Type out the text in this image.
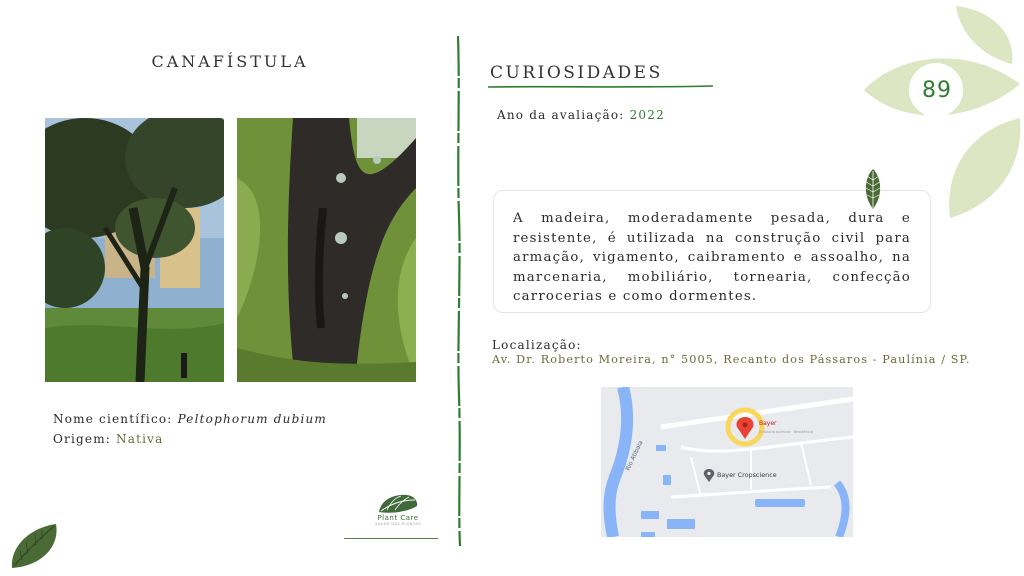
89
CANAFÍSTULA
Nome científico: Peltophorum dubium
Origem: Nativa
Plant Care
SAÚDE DAS PLANTAS
CURIOSIDADES
Ano da avaliação: 2022

A madeira, moderadamente pesada, dura e resistente, é utilizada na construção civil para armação, vigamento, caibramento e assoalho, na marcenaria, mobiliário, tornearia, confecção carrocerias e como dormentes.

Localização:
Av. Dr. Roberto Moreira, n° 5005, Recanto dos Pássaros - Paulínia / SP.
Rio Atibaia
Bayer
Indústria química · Residência
Bayer Cropscience
